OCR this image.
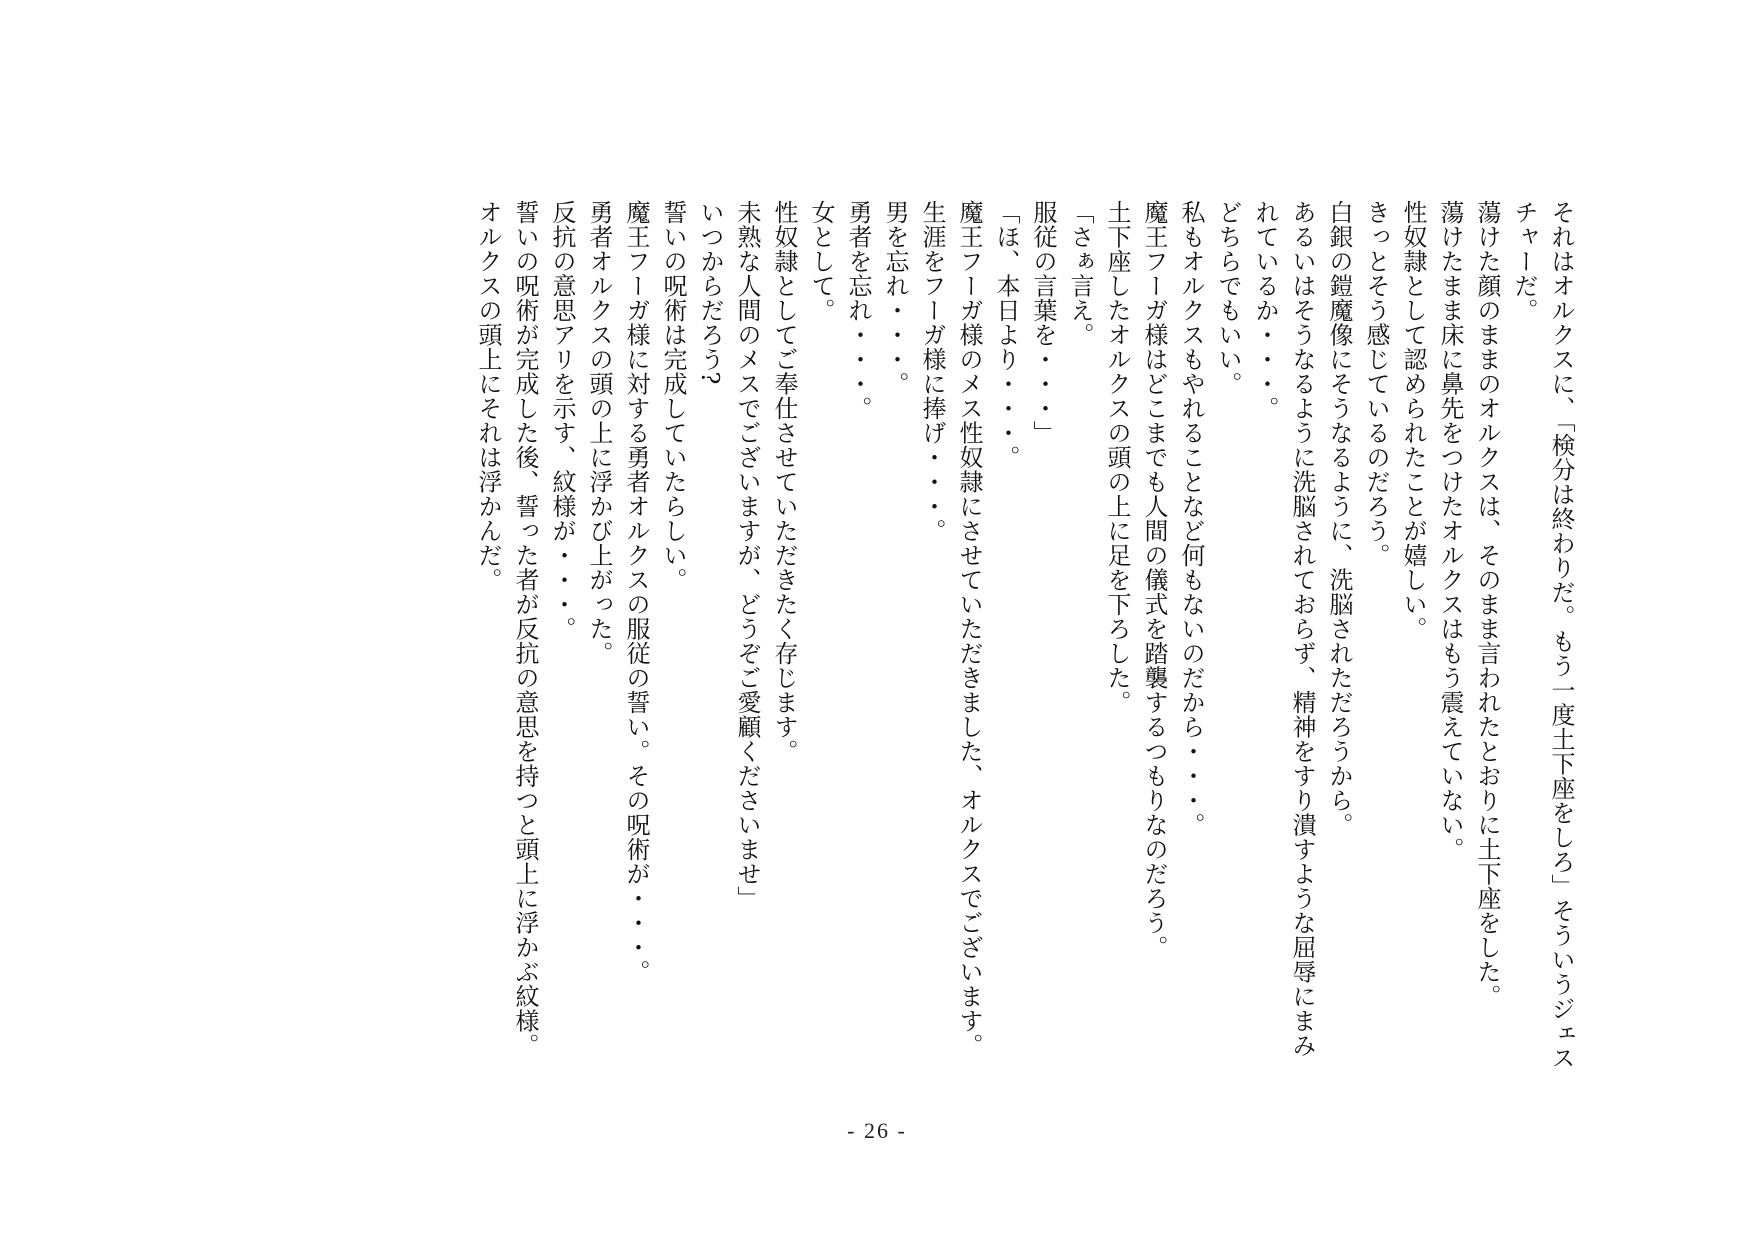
それはオルクスに、「検分は終わりだ。もう一度土下座をしろ」そういうジェスチャーだ。

蕩けた顔のままのオルクスは、そのまま言われたとおりに土下座をした。

蕩けたまま床に鼻先をつけたオルクスはもう震えていない。

性奴隷として認められたことが嬉しい。

きっとそう感じているのだろう。

白銀の鎧魔像にそうなるように、洗脳されただろうから。

あるいはそうなるように洗脳されておらず、精神をすり潰すような屈辱にまみれているか・・・。

どちらでもいい。

私もオルクスもやれることなど何もないのだから・・・。

魔王フーガ様はどこまでも人間の儀式を踏襲するつもりなのだろう。

土下座したオルクスの頭の上に足を下ろした。

「さぁ言え。

服従の言葉を・・・」

「ほ、本日より・・・。

魔王フーガ様のメス性奴隷にさせていただきました、オルクスでございます。

生涯をフーガ様に捧げ・・・。

男を忘れ・・・。

勇者を忘れ・・・。

女として。

性奴隷としてご奉仕させていただきたく存じます。

未熟な人間のメスでございますが、どうぞご愛顧くださいませ」

いつからだろう?

誓いの呪術は完成していたらしい。

魔王フーガ様に対する勇者オルクスの服従の誓い。その呪術が・・・。

勇者オルクスの頭の上に浮かび上がった。

反抗の意思アリを示す、紋様が・・・。

誓いの呪術が完成した後、誓った者が反抗の意思を持つと頭上に浮かぶ紋様。

オルクスの頭上にそれは浮かんだ。

- 26 -
